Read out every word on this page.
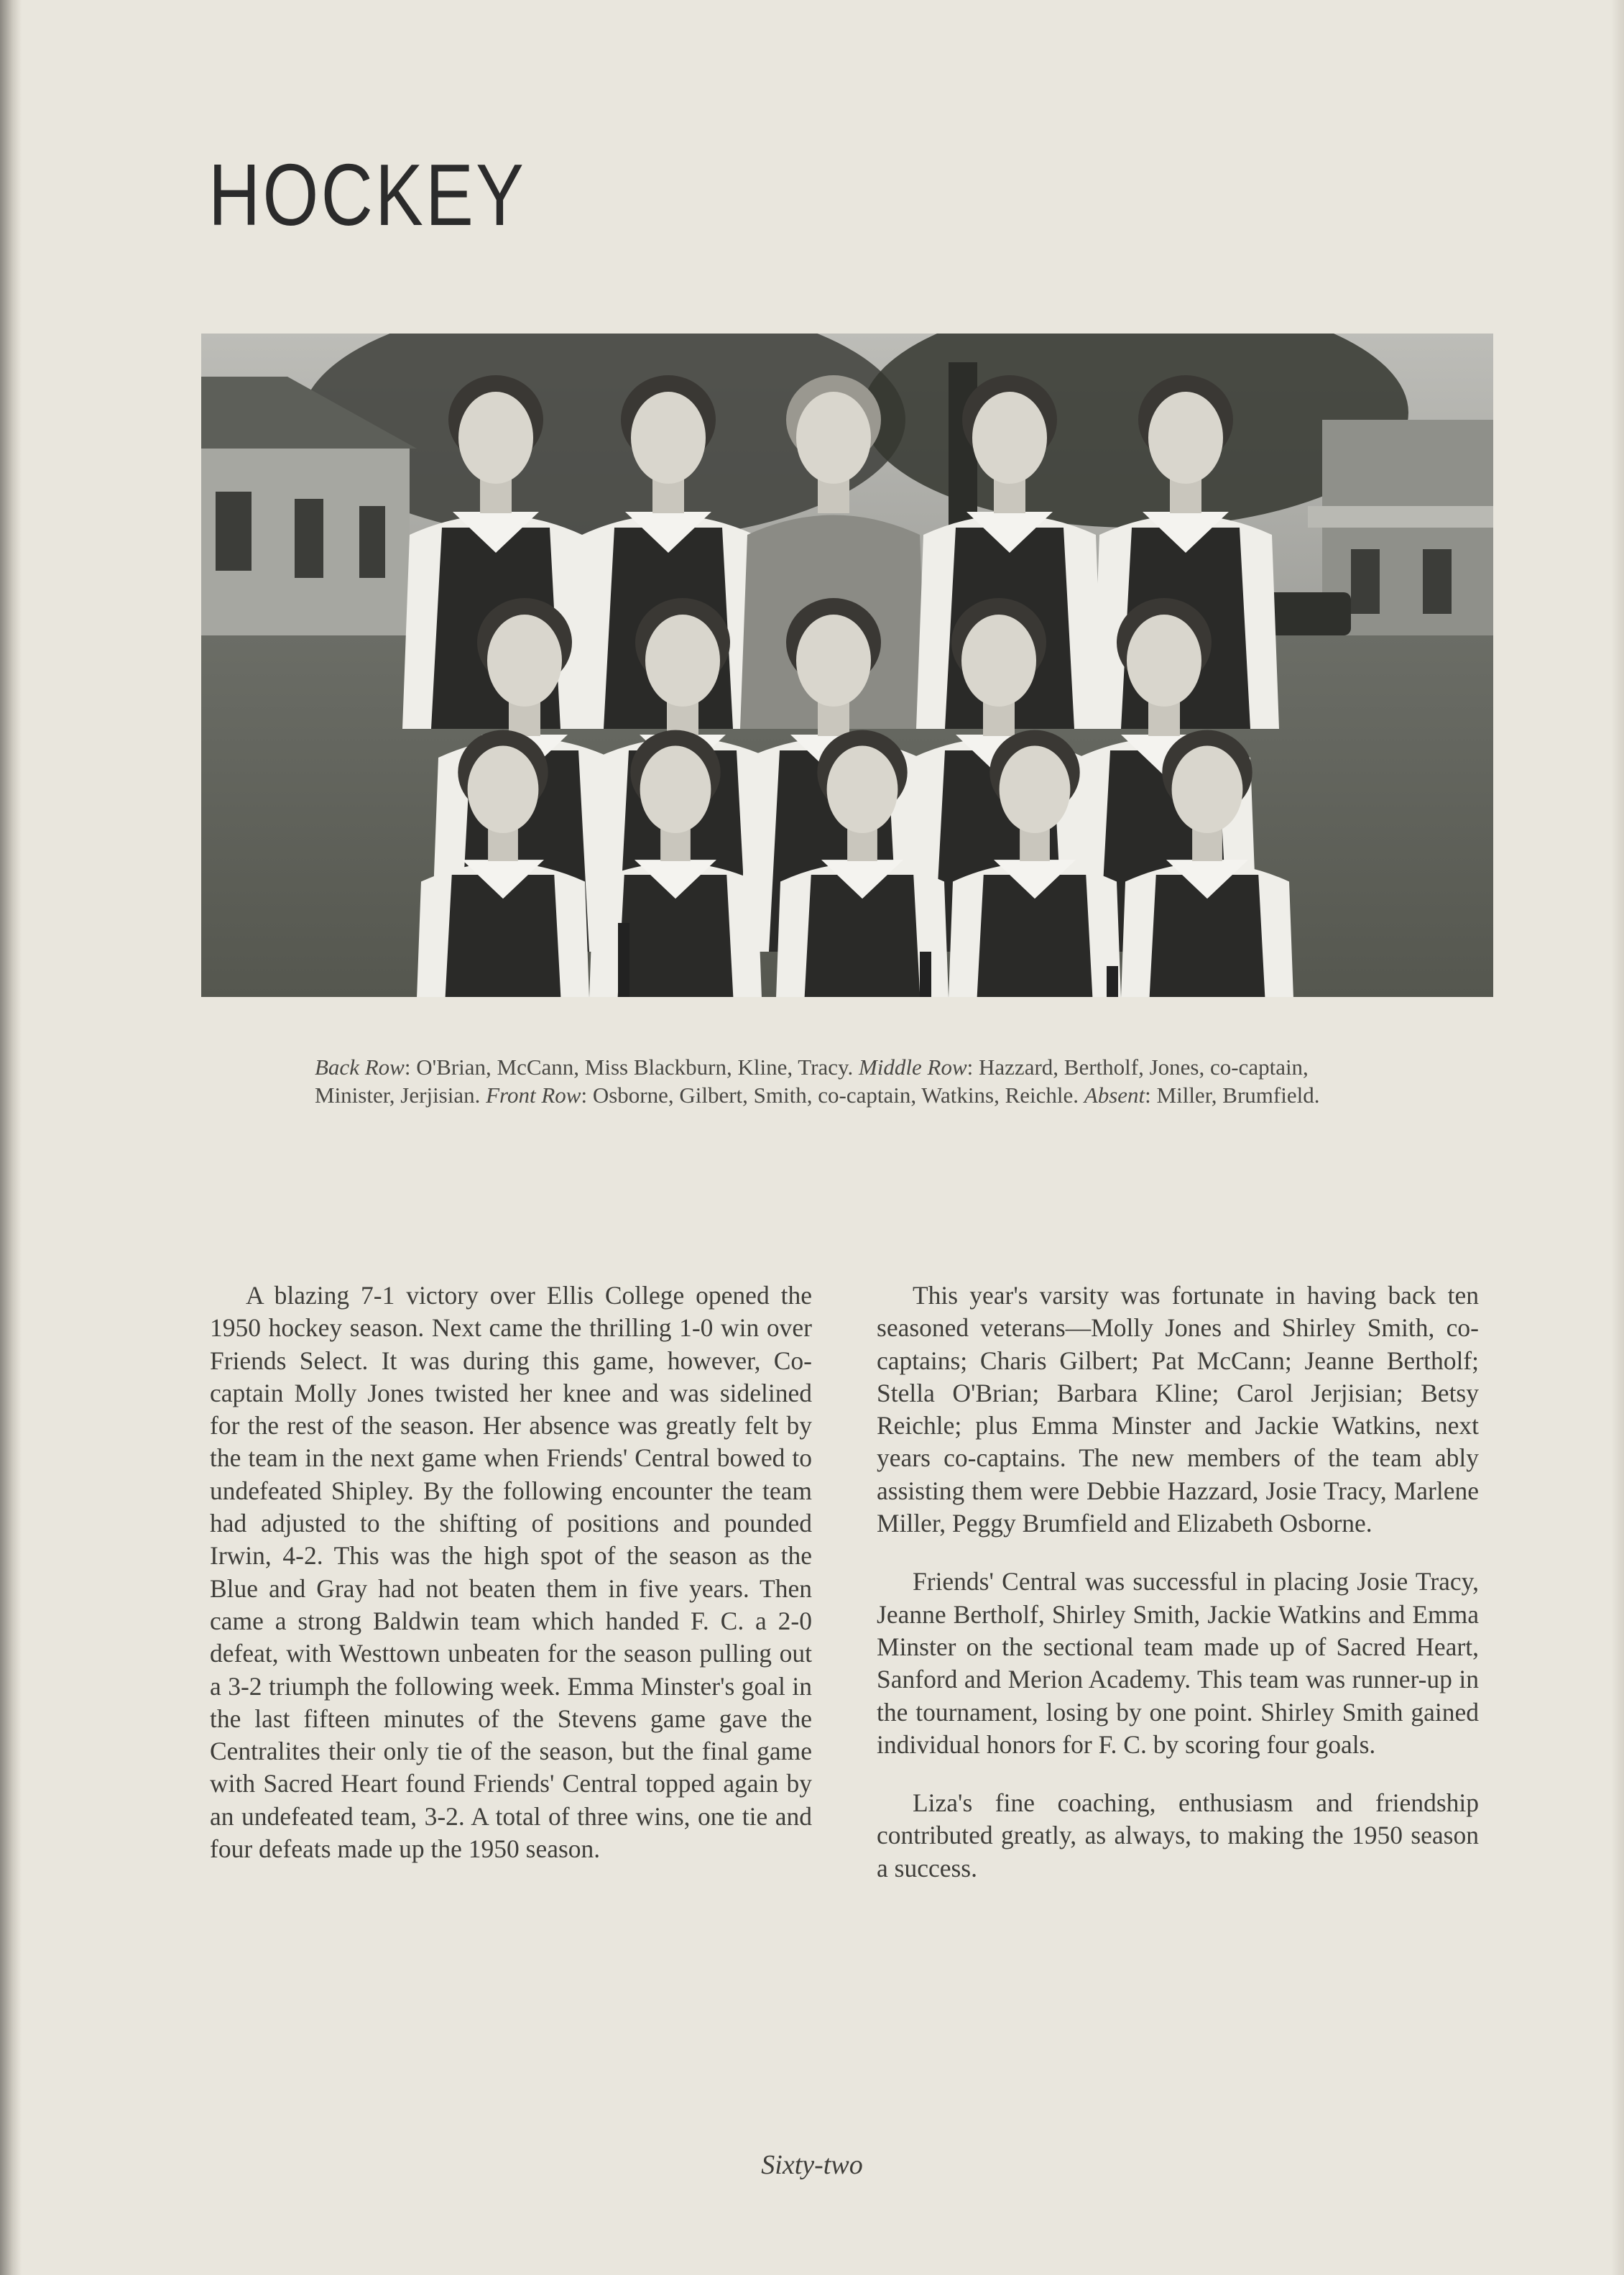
HOCKEY

Back Row: O'Brian, McCann, Miss Blackburn, Kline, Tracy. Middle Row: Hazzard, Bertholf, Jones, co-captain, Minister, Jerjisian. Front Row: Osborne, Gilbert, Smith, co-captain, Watkins, Reichle. Absent: Miller, Brumfield.

A blazing 7-1 victory over Ellis College opened the 1950 hockey season. Next came the thrilling 1-0 win over Friends Select. It was during this game, however, Co-captain Molly Jones twisted her knee and was sidelined for the rest of the season. Her absence was greatly felt by the team in the next game when Friends' Central bowed to undefeated Shipley. By the following encounter the team had adjusted to the shifting of positions and pounded Irwin, 4-2. This was the high spot of the season as the Blue and Gray had not beaten them in five years. Then came a strong Baldwin team which handed F. C. a 2-0 defeat, with Westtown unbeaten for the season pulling out a 3-2 triumph the following week. Emma Minster's goal in the last fifteen minutes of the Stevens game gave the Centralites their only tie of the season, but the final game with Sacred Heart found Friends' Central topped again by an undefeated team, 3-2. A total of three wins, one tie and four defeats made up the 1950 season.

This year's varsity was fortunate in having back ten seasoned veterans—Molly Jones and Shirley Smith, co-captains; Charis Gilbert; Pat McCann; Jeanne Bertholf; Stella O'Brian; Barbara Kline; Carol Jerjisian; Betsy Reichle; plus Emma Minster and Jackie Watkins, next years co-captains. The new members of the team ably assisting them were Debbie Hazzard, Josie Tracy, Marlene Miller, Peggy Brumfield and Elizabeth Osborne.

Friends' Central was successful in placing Josie Tracy, Jeanne Bertholf, Shirley Smith, Jackie Watkins and Emma Minster on the sectional team made up of Sacred Heart, Sanford and Merion Academy. This team was runner-up in the tournament, losing by one point. Shirley Smith gained individual honors for F. C. by scoring four goals.

Liza's fine coaching, enthusiasm and friendship contributed greatly, as always, to making the 1950 season a success.

Sixty-two
